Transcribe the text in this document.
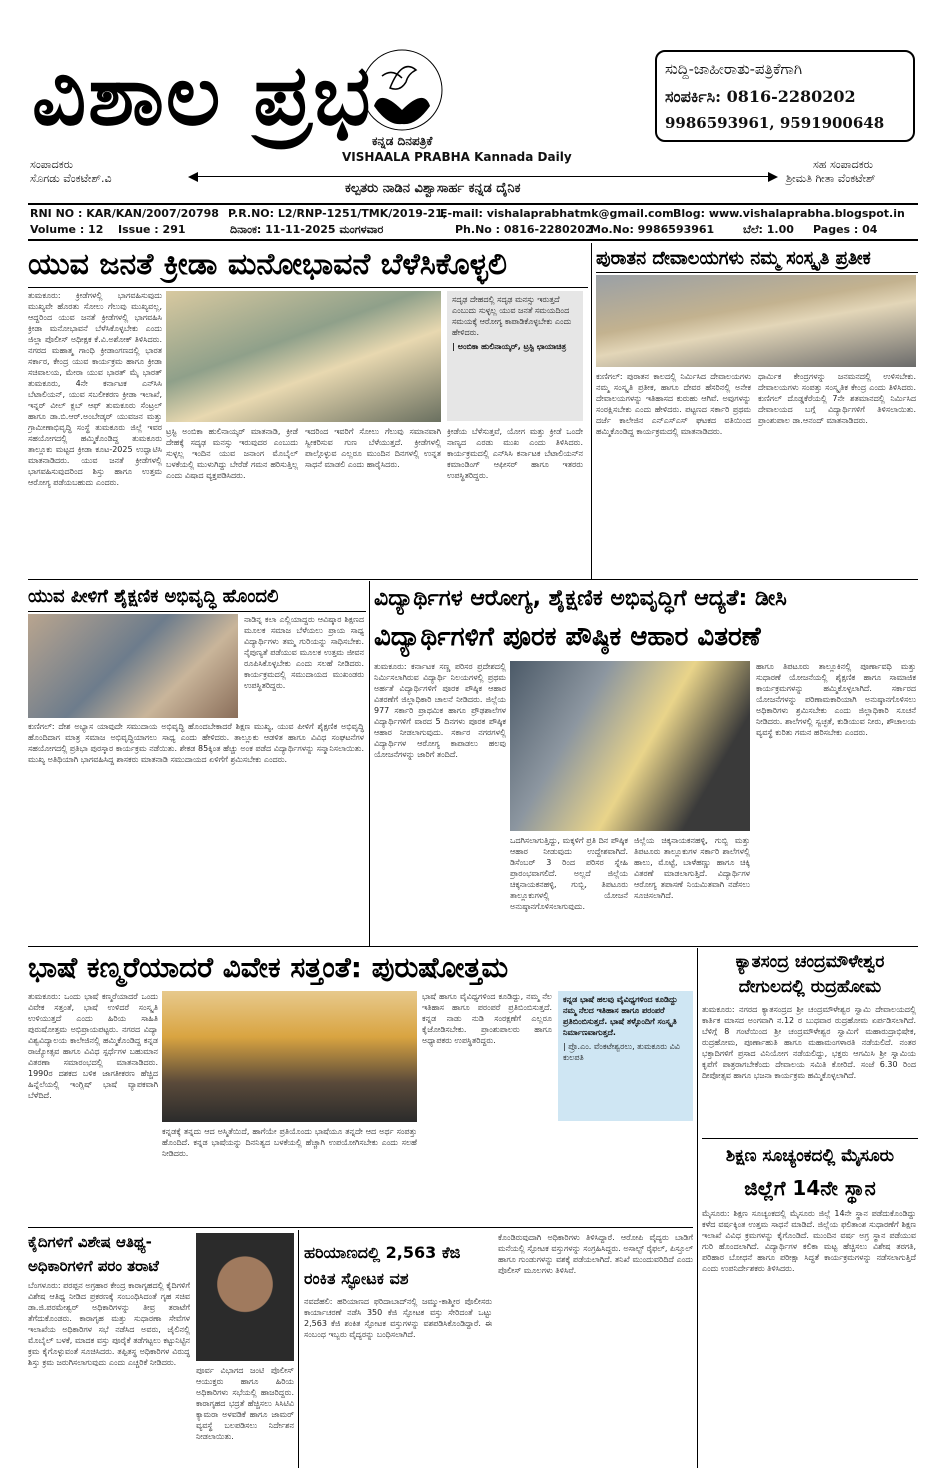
ವಿಶಾಲ ಪ್ರಭ ಕನ್ನಡ ದಿನಪತ್ರಿಕೆ
VISHAALA PRABHA Kannada Daily
ಸುದ್ದಿ-ಜಾಹೀರಾತು-ಪತ್ರಿಕೆಗಾಗಿ
ಸಂಪರ್ಕಿಸಿ: 0816-2280202
9986593961, 9591900648
ಸಂಪಾದಕರು
ಸೊಗಡು ವೆಂಕಟೇಶ್.ವಿ
ಸಹ ಸಂಪಾದಕರು
ಶ್ರೀಮತಿ ಗೀತಾ ವೆಂಕಟೇಶ್
ಕಲ್ಪತರು ನಾಡಿನ ವಿಶ್ವಾಸಾರ್ಹ ಕನ್ನಡ ದೈನಿಕ
RNI NO : KAR/KAN/2007/20798 P.R.NO: L2/RNP-1251/TMK/2019-21,
E-mail: vishalaprabhatmk@gmail.com Blog: www.vishalaprabha.blogspot.in
Volume : 12 Issue : 291	ದಿನಾಂಕ: 11-11-2025 ಮಂಗಳವಾರ	Ph.No : 0816-2280202
Mo.No: 9986593961	ಬೆಲೆ: 1.00 Pages : 04
ಯುವ ಜನತೆ ಕ್ರೀಡಾ ಮನೋಭಾವನೆ ಬೆಳೆಸಿಕೊಳ್ಳಲಿ
ತುಮಕೂರು: ಕ್ರೀಡೆಗಳಲ್ಲಿ ಭಾಗವಹಿಸುವುದು ಮುಖ್ಯವೇ ಹೊರತು ಸೋಲು ಗೆಲುವು ಮುಖ್ಯವಲ್ಲ, ಆದ್ದರಿಂದ ಯುವ ಜನತೆ ಕ್ರೀಡೆಗಳಲ್ಲಿ ಭಾಗವಹಿಸಿ ಕ್ರೀಡಾ ಮನೋಭಾವನೆ ಬೆಳೆಸಿಕೊಳ್ಳಬೇಕು ಎಂದು ಜಿಲ್ಲಾ ಪೊಲೀಸ್ ಅಧೀಕ್ಷಕ ಕೆ.ವಿ.ಅಶೋಕ್ ತಿಳಿಸಿದರು. ನಗರದ ಮಹಾತ್ಮ ಗಾಂಧಿ ಕ್ರೀಡಾಂಗಣದಲ್ಲಿ ಭಾರತ ಸರ್ಕಾರ, ಕೇಂದ್ರ ಯುವ ಕಾರ್ಯಕ್ರಮ ಹಾಗೂ ಕ್ರೀಡಾ ಸಚಿವಾಲಯ, ಮೇರಾ ಯುವ ಭಾರತ್ ಮೈ ಭಾರತ್ ತುಮಕೂರು, 4ನೇ ಕರ್ನಾಟಕ ಎನ್‍ಸಿಸಿ ಬೆಟಾಲಿಯನ್, ಯುವ ಸಬಲೀಕರಣ ಕ್ರೀಡಾ ಇಲಾಖೆ, ಇನ್ನರ್ ವೀಲ್ ಕ್ಲಬ್ ಆಫ್ ತುಮಕೂರು ಸೆಂಟ್ರಲ್ ಹಾಗೂ ಡಾ.ಬಿ.ಆರ್.ಅಂಬೇಡ್ಕರ್ ಯುವಜನ ಮತ್ತು ಗ್ರಾಮೀಣಾಭಿವೃದ್ಧಿ ಸಂಸ್ಥೆ ತುಮಕೂರು ಜಿಲ್ಲೆ ಇವರ ಸಹಯೋಗದಲ್ಲಿ ಹಮ್ಮಿಕೊಂಡಿದ್ದ ತುಮಕೂರು ತಾಲ್ಲೂಕು ಮಟ್ಟದ ಕ್ರೀಡಾ ಕೂಟ-2025 ಉದ್ಘಾಟಿಸಿ ಮಾತನಾಡಿದರು. ಯುವ ಜನತೆ ಕ್ರೀಡೆಗಳಲ್ಲಿ ಭಾಗವಹಿಸುವುದರಿಂದ ಶಿಸ್ತು ಹಾಗೂ ಉತ್ತಮ ಆರೋಗ್ಯ ಪಡೆಯಬಹುದು ಎಂದರು.
ಸದೃಢ ದೇಹದಲ್ಲಿ ಸದೃಢ ಮನಸ್ಸು ಇರುತ್ತದೆ ಎಂಬುದು ಸುಳ್ಳಲ್ಲ ಯುವ ಜನತೆ ಸಮಯದಿಂದ ಸಮಯಕ್ಕೆ ಆರೋಗ್ಯ ಕಾಪಾಡಿಕೊಳ್ಳಬೇಕು ಎಂದು ಹೇಳಿದರು.
| ಅಂಬಿಕಾ ಹುಲಿನಾಯ್ಕರ್, ಟ್ರಸ್ಟಿ ಛಾಯಾಚಿತ್ರ
ಟ್ರಸ್ಟಿ ಅಂಬಿಕಾ ಹುಲಿನಾಯ್ಕರ್ ಮಾತನಾಡಿ, ಕ್ರೀಡೆ ದೇಹಕ್ಕೆ ಸದೃಢ ಮನಸ್ಸು ಇರುವುದರ ಎಂಬುದು ಸುಳ್ಳಲ್ಲ ಇಂದಿನ ಯುವ ಜನಾಂಗ ಮೊಬೈಲ್ ಬಳಕೆಯಲ್ಲಿ ಮುಳುಗಿದ್ದು ಬೇರೆಡೆ ಗಮನ ಹರಿಸುತ್ತಿಲ್ಲ ಎಂದು ವಿಷಾದ ವ್ಯಕ್ತಪಡಿಸಿದರು.
ಇದರಿಂದ ಇವರಿಗೆ ಸೋಲು ಗೆಲುವು ಸಮಾನವಾಗಿ ಸ್ವೀಕರಿಸುವ ಗುಣ ಬೆಳೆಯುತ್ತದೆ. ಕ್ರೀಡೆಗಳಲ್ಲಿ ಪಾಲ್ಗೊಳ್ಳುವ ಎಲ್ಲರೂ ಮುಂದಿನ ದಿನಗಳಲ್ಲಿ ಉನ್ನತ ಸಾಧನೆ ಮಾಡಲಿ ಎಂದು ಹಾರೈಸಿದರು.
ಕ್ರೀಡೆಯ ಬೆಳೆಸುತ್ತವೆ, ಯೋಗ ಮತ್ತು ಕ್ರೀಡೆ ಒಂದೇ ನಾಣ್ಯದ ಎರಡು ಮುಖ ಎಂದು ತಿಳಿಸಿದರು. ಕಾರ್ಯಕ್ರಮದಲ್ಲಿ ಎನ್‍ಸಿಸಿ ಕರ್ನಾಟಕ ಬೆಟಾಲಿಯನ್‍ನ ಕಮಾಂಡಿಂಗ್ ಆಫೀಸರ್ ಹಾಗೂ ಇತರರು ಉಪಸ್ಥಿತರಿದ್ದರು.
ಪುರಾತನ ದೇವಾಲಯಗಳು ನಮ್ಮ ಸಂಸ್ಕೃತಿ ಪ್ರತೀಕ
ಕುಣಿಗಲ್: ಪುರಾತನ ಕಾಲದಲ್ಲಿ ನಿರ್ಮಿಸಿದ ದೇವಾಲಯಗಳು ನಮ್ಮ ಸಂಸ್ಕೃತಿ ಪ್ರತೀಕ, ಹಾಗೂ ದೇವರ ಹೆಸರಿನಲ್ಲಿ ಅನೇಕ ದೇವಾಲಯಗಳನ್ನು ಇತಿಹಾಸದ ಕುರುಹು ಆಗಿವೆ. ಅವುಗಳನ್ನು ಸಂರಕ್ಷಿಸಬೇಕು ಎಂದು ಹೇಳಿದರು. ಪಟ್ಟಣದ ಸರ್ಕಾರಿ ಪ್ರಥಮ ದರ್ಜೆ ಕಾಲೇಜಿನ ಎನ್‍ಎಸ್‍ಎಸ್ ಘಟಕದ ವತಿಯಿಂದ ಹಮ್ಮಿಕೊಂಡಿದ್ದ ಕಾರ್ಯಕ್ರಮದಲ್ಲಿ ಮಾತನಾಡಿದರು.
ಧಾರ್ಮಿಕ ಕೇಂದ್ರಗಳನ್ನು ಜನಮನದಲ್ಲಿ ಉಳಿಸಬೇಕು. ದೇವಾಲಯಗಳು ಸಂಪತ್ತು ಸಂಸ್ಕೃತಿಕ ಕೇಂದ್ರ ಎಂದು ತಿಳಿಸಿದರು. ಕುಣಿಗಲ್ ದೊಡ್ಡಕೆರೆಯಲ್ಲಿ 7ನೇ ಶತಮಾನದಲ್ಲಿ ನಿರ್ಮಿಸಿದ ದೇವಾಲಯದ ಬಗ್ಗೆ ವಿದ್ಯಾರ್ಥಿಗಳಿಗೆ ತಿಳಿಸಲಾಯಿತು. ಪ್ರಾಂಶುಪಾಲ ಡಾ.ಆನಂದ್ ಮಾತನಾಡಿದರು.
ಯುವ ಪೀಳಿಗೆ ಶೈಕ್ಷಣಿಕ ಅಭಿವೃದ್ಧಿ ಹೊಂದಲಿ
ನಾಡಿನ್ನ ಕಲಾ ಎಲ್ಲಿಯಾದ್ದರು ಆವಿಷ್ಕಾರ ಶಿಕ್ಷಣದ ಮೂಲಕ ಸಮಾಜ ಬೆಳೆಯಲು ಪ್ರಾಯ ಸಾಧ್ಯ ವಿದ್ಯಾರ್ಥಿಗಳು ತಮ್ಮ ಗುರಿಯನ್ನು ಸಾಧಿಸಬೇಕು. ನೈಪುಣ್ಯತೆ ಪಡೆಯುವ ಮೂಲಕ ಉತ್ತಮ ಜೀವನ ರೂಪಿಸಿಕೊಳ್ಳಬೇಕು ಎಂದು ಸಲಹೆ ನೀಡಿದರು. ಕಾರ್ಯಕ್ರಮದಲ್ಲಿ ಸಮುದಾಯದ ಮುಖಂಡರು ಉಪಸ್ಥಿತರಿದ್ದರು.
ಕುಣಿಗಲ್: ದೇಶ ಅಭ್ಯಾಸ ಯಾವುದೇ ಸಮುದಾಯ ಅಭಿವೃದ್ಧಿ ಹೊಂದಬೇಕಾದರೆ ಶಿಕ್ಷಣ ಮುಖ್ಯ, ಯುವ ಪೀಳಿಗೆ ಶೈಕ್ಷಣಿಕ ಅಭಿವೃದ್ಧಿ ಹೊಂದಿದಾಗ ಮಾತ್ರ ಸಮಾಜ ಅಭಿವೃದ್ಧಿಯಾಗಲು ಸಾಧ್ಯ ಎಂದು ಹೇಳಿದರು. ತಾಲ್ಲೂಕು ಆಡಳಿತ ಹಾಗೂ ವಿವಿಧ ಸಂಘಟನೆಗಳ ಸಹಯೋಗದಲ್ಲಿ ಪ್ರತಿಭಾ ಪುರಸ್ಕಾರ ಕಾರ್ಯಕ್ರಮ ನಡೆಯಿತು. ಶೇಕಡ 85ಕ್ಕಿಂತ ಹೆಚ್ಚು ಅಂಕ ಪಡೆದ ವಿದ್ಯಾರ್ಥಿಗಳನ್ನು ಸನ್ಮಾನಿಸಲಾಯಿತು. ಮುಖ್ಯ ಅತಿಥಿಯಾಗಿ ಭಾಗವಹಿಸಿದ್ದ ಶಾಸಕರು ಮಾತನಾಡಿ ಸಮುದಾಯದ ಏಳಿಗೆಗೆ ಶ್ರಮಿಸಬೇಕು ಎಂದರು.
ವಿದ್ಯಾರ್ಥಿಗಳ ಆರೋಗ್ಯ, ಶೈಕ್ಷಣಿಕ ಅಭಿವೃದ್ಧಿಗೆ ಆದ್ಯತೆ: ಡೀಸಿ
ವಿದ್ಯಾರ್ಥಿಗಳಿಗೆ ಪೂರಕ ಪೌಷ್ಠಿಕ ಆಹಾರ ವಿತರಣೆ
ತುಮಕೂರು: ಕರ್ನಾಟಕ ಸಣ್ಣ ಪರಿಸರ ಪ್ರದೇಶದಲ್ಲಿ ನಿರ್ಮಿಸಲಾಗಿರುವ ವಿದ್ಯಾರ್ಥಿ ನಿಲಯಗಳಲ್ಲಿ ಪ್ರಥಮ ಅರ್ಹತೆ ವಿದ್ಯಾರ್ಥಿಗಳಿಗೆ ಪೂರಕ ಪೌಷ್ಠಿಕ ಆಹಾರ ವಿತರಣೆಗೆ ಜಿಲ್ಲಾಧಿಕಾರಿ ಚಾಲನೆ ನೀಡಿದರು. ಜಿಲ್ಲೆಯ 977 ಸರ್ಕಾರಿ ಪ್ರಾಥಮಿಕ ಹಾಗೂ ಪ್ರೌಢಶಾಲೆಗಳ ವಿದ್ಯಾರ್ಥಿಗಳಿಗೆ ವಾರದ 5 ದಿನಗಳು ಪೂರಕ ಪೌಷ್ಠಿಕ ಆಹಾರ ನೀಡಲಾಗುವುದು. ಸರ್ಕಾರ ನಗರಗಳಲ್ಲಿ ವಿದ್ಯಾರ್ಥಿಗಳ ಆರೋಗ್ಯ ಕಾಪಾಡಲು ಹಲವು ಯೋಜನೆಗಳನ್ನು ಜಾರಿಗೆ ತಂದಿದೆ.
ಒದಗಿಸಲಾಗುತ್ತಿದ್ದು, ಮಕ್ಕಳಿಗೆ ಪ್ರತಿ ದಿನ ಪೌಷ್ಠಿಕ ಆಹಾರ ನೀಡುವುದು ಉದ್ದೇಶವಾಗಿದೆ. ಡಿಸೆಂಬರ್ 3 ರಿಂದ ಪರಿಸರ ಸ್ನೇಹಿ ಪ್ರಾರಂಭವಾಗಲಿದೆ. ಅಲ್ಲದೆ ಜಿಲ್ಲೆಯ ಚಿಕ್ಕನಾಯಕನಹಳ್ಳಿ, ಗುಬ್ಬಿ, ತಿಪಟೂರು ತಾಲ್ಲೂಕುಗಳಲ್ಲಿ ಯೋಜನೆ ಅನುಷ್ಠಾನಗೊಳಿಸಲಾಗುವುದು.
ಜಿಲ್ಲೆಯ ಚಿಕ್ಕನಾಯಕನಹಳ್ಳಿ, ಗುಬ್ಬಿ ಮತ್ತು ತಿಪಟೂರು ತಾಲ್ಲೂಕುಗಳ ಸರ್ಕಾರಿ ಶಾಲೆಗಳಲ್ಲಿ ಹಾಲು, ಮೊಟ್ಟೆ, ಬಾಳೆಹಣ್ಣು ಹಾಗೂ ಚಿಕ್ಕಿ ವಿತರಣೆ ಮಾಡಲಾಗುತ್ತಿದೆ. ವಿದ್ಯಾರ್ಥಿಗಳ ಆರೋಗ್ಯ ತಪಾಸಣೆ ನಿಯಮಿತವಾಗಿ ನಡೆಸಲು ಸೂಚಿಸಲಾಗಿದೆ.
ಹಾಗೂ ತಿಪಟೂರು ತಾಲ್ಲೂಕಿನಲ್ಲಿ ಪೂರ್ಣಾವಧಿ ಮತ್ತು ಸುಧಾರಣೆ ಯೋಜನೆಯಲ್ಲಿ ಶೈಕ್ಷಣಿಕ ಹಾಗೂ ಸಾಮಾಜಿಕ ಕಾರ್ಯಕ್ರಮಗಳನ್ನು ಹಮ್ಮಿಕೊಳ್ಳಲಾಗಿದೆ. ಸರ್ಕಾರದ ಯೋಜನೆಗಳನ್ನು ಪರಿಣಾಮಕಾರಿಯಾಗಿ ಅನುಷ್ಠಾನಗೊಳಿಸಲು ಅಧಿಕಾರಿಗಳು ಶ್ರಮಿಸಬೇಕು ಎಂದು ಜಿಲ್ಲಾಧಿಕಾರಿ ಸೂಚನೆ ನೀಡಿದರು. ಶಾಲೆಗಳಲ್ಲಿ ಸ್ವಚ್ಛತೆ, ಕುಡಿಯುವ ನೀರು, ಶೌಚಾಲಯ ವ್ಯವಸ್ಥೆ ಕುರಿತು ಗಮನ ಹರಿಸಬೇಕು ಎಂದರು.
ಭಾಷೆ ಕಣ್ಮರೆಯಾದರೆ ವಿವೇಕ ಸತ್ತಂತೆ: ಪುರುಷೋತ್ತಮ
ತುಮಕೂರು: ಒಂದು ಭಾಷೆ ಕಣ್ಮರೆಯಾದರೆ ಒಂದು ವಿವೇಕ ಸತ್ತಂತೆ, ಭಾಷೆ ಉಳಿದರೆ ಸಂಸ್ಕೃತಿ ಉಳಿಯುತ್ತದೆ ಎಂದು ಹಿರಿಯ ಸಾಹಿತಿ ಪುರುಷೋತ್ತಮ ಅಭಿಪ್ರಾಯಪಟ್ಟರು. ನಗರದ ವಿದ್ಯಾ ವಿಶ್ವವಿದ್ಯಾಲಯ ಕಾಲೇಜಿನಲ್ಲಿ ಹಮ್ಮಿಕೊಂಡಿದ್ದ ಕನ್ನಡ ರಾಜ್ಯೋತ್ಸವ ಹಾಗೂ ವಿವಿಧ ಸ್ಪರ್ಧೆಗಳ ಬಹುಮಾನ ವಿತರಣಾ ಸಮಾರಂಭದಲ್ಲಿ ಮಾತನಾಡಿದರು. 1990ರ ದಶಕದ ಬಳಿಕ ಜಾಗತೀಕರಣ ಹೆಚ್ಚಿದ ಹಿನ್ನೆಲೆಯಲ್ಲಿ ಇಂಗ್ಲಿಷ್ ಭಾಷೆ ವ್ಯಾಪಕವಾಗಿ ಬೆಳೆದಿದೆ.
ಭಾಷೆ ಹಾಗೂ ವೈವಿಧ್ಯಗಳಿಂದ ಕೂಡಿದ್ದು, ನಮ್ಮ ನೆಲ ಇತಿಹಾಸ ಹಾಗೂ ಪರಂಪರೆ ಪ್ರತಿಬಿಂಬಿಸುತ್ತದೆ. ಕನ್ನಡ ನಾಡು ನುಡಿ ಸಂರಕ್ಷಣೆಗೆ ಎಲ್ಲರೂ ಕೈಜೋಡಿಸಬೇಕು. ಪ್ರಾಂಶುಪಾಲರು ಹಾಗೂ ಅಧ್ಯಾಪಕರು ಉಪಸ್ಥಿತರಿದ್ದರು.
ಕನ್ನಡ ಭಾಷೆ ಹಲವು ವೈವಿಧ್ಯಗಳಿಂದ ಕೂಡಿದ್ದು ನಮ್ಮ ನೆಲದ ಇತಿಹಾಸ ಹಾಗೂ ಪರಂಪರೆ ಪ್ರತಿಬಿಂಬಿಸುತ್ತದೆ. ಭಾಷೆ ತಳ್ಳೊಂದಿಗೆ ಸಂಸ್ಕೃತಿ ನಿರ್ಮಾಣವಾಗುತ್ತದೆ.
| ಪ್ರೊ.ಎಂ. ವೆಂಕಟೇಶ್ವರಲು, ತುಮಕೂರು ವಿವಿ ಕುಲಪತಿ
ಕನ್ನಡಕ್ಕೆ ತನ್ನದು ಆದ ಅಸ್ಮಿತೆಯಿದೆ, ಹಾಗೆಯೇ ಪ್ರತಿಯೊಂದು ಭಾಷೆಯೂ ತನ್ನದೇ ಆದ ಅರ್ಥ ಸಂಪತ್ತು ಹೊಂದಿದೆ. ಕನ್ನಡ ಭಾಷೆಯನ್ನು ದಿನನಿತ್ಯದ ಬಳಕೆಯಲ್ಲಿ ಹೆಚ್ಚಾಗಿ ಉಪಯೋಗಿಸಬೇಕು ಎಂದು ಸಲಹೆ ನೀಡಿದರು.
ಕ್ಯಾತಸಂದ್ರ ಚಂದ್ರಮೌಳೇಶ್ವರ
ದೇಗುಲದಲ್ಲಿ ರುದ್ರಹೋಮ
ತುಮಕೂರು: ನಗರದ ಕ್ಯಾತಸಂದ್ರದ ಶ್ರೀ ಚಂದ್ರಮೌಳೇಶ್ವರ ಸ್ವಾಮಿ ದೇವಾಲಯದಲ್ಲಿ ಕಾರ್ತಿಕ ಮಾಸದ ಅಂಗವಾಗಿ ನ.12 ರ ಬುಧವಾರ ರುದ್ರಹೋಮ ಏರ್ಪಡಿಸಲಾಗಿದೆ. ಬೆಳಿಗ್ಗೆ 8 ಗಂಟೆಯಿಂದ ಶ್ರೀ ಚಂದ್ರಮೌಳೇಶ್ವರ ಸ್ವಾಮಿಗೆ ಮಹಾರುದ್ರಾಭಿಷೇಕ, ರುದ್ರಹೋಮ, ಪೂರ್ಣಾಹುತಿ ಹಾಗೂ ಮಹಾಮಂಗಳಾರತಿ ನಡೆಯಲಿದೆ. ನಂತರ ಭಕ್ತಾದಿಗಳಿಗೆ ಪ್ರಸಾದ ವಿನಿಯೋಗ ನಡೆಯಲಿದ್ದು, ಭಕ್ತರು ಆಗಮಿಸಿ ಶ್ರೀ ಸ್ವಾಮಿಯ ಕೃಪೆಗೆ ಪಾತ್ರರಾಗಬೇಕೆಂದು ದೇವಾಲಯ ಸಮಿತಿ ಕೋರಿದೆ. ಸಂಜೆ 6.30 ರಿಂದ ದೀಪೋತ್ಸವ ಹಾಗೂ ಭಜನಾ ಕಾರ್ಯಕ್ರಮ ಹಮ್ಮಿಕೊಳ್ಳಲಾಗಿದೆ.
ಶಿಕ್ಷಣ ಸೂಚ್ಯಂಕದಲ್ಲಿ ಮೈಸೂರು
ಜಿಲ್ಲೆಗೆ 14ನೇ ಸ್ಥಾನ
ಮೈಸೂರು: ಶಿಕ್ಷಣ ಸೂಚ್ಯಂಕದಲ್ಲಿ ಮೈಸೂರು ಜಿಲ್ಲೆ 14ನೇ ಸ್ಥಾನ ಪಡೆದುಕೊಂಡಿದ್ದು ಕಳೆದ ವರ್ಷಕ್ಕಿಂತ ಉತ್ತಮ ಸಾಧನೆ ಮಾಡಿದೆ. ಜಿಲ್ಲೆಯ ಫಲಿತಾಂಶ ಸುಧಾರಣೆಗೆ ಶಿಕ್ಷಣ ಇಲಾಖೆ ವಿವಿಧ ಕ್ರಮಗಳನ್ನು ಕೈಗೊಂಡಿದೆ. ಮುಂದಿನ ವರ್ಷ ಅಗ್ರ ಸ್ಥಾನ ಪಡೆಯುವ ಗುರಿ ಹೊಂದಲಾಗಿದೆ. ವಿದ್ಯಾರ್ಥಿಗಳ ಕಲಿಕಾ ಮಟ್ಟ ಹೆಚ್ಚಿಸಲು ವಿಶೇಷ ತರಗತಿ, ಪರಿಹಾರ ಬೋಧನೆ ಹಾಗೂ ಪರೀಕ್ಷಾ ಸಿದ್ಧತೆ ಕಾರ್ಯಕ್ರಮಗಳನ್ನು ನಡೆಸಲಾಗುತ್ತಿದೆ ಎಂದು ಉಪನಿರ್ದೇಶಕರು ತಿಳಿಸಿದರು.
ಕೈದಿಗಳಿಗೆ ವಿಶೇಷ ಆತಿಥ್ಯ-
ಅಧಿಕಾರಿಗಳಿಗೆ ಪರಂ ತರಾಟೆ
ಬೆಂಗಳೂರು: ಪರಪ್ಪನ ಅಗ್ರಹಾರ ಕೇಂದ್ರ ಕಾರಾಗೃಹದಲ್ಲಿ ಕೈದಿಗಳಿಗೆ ವಿಶೇಷ ಆತಿಥ್ಯ ನೀಡಿದ ಪ್ರಕರಣಕ್ಕೆ ಸಂಬಂಧಿಸಿದಂತೆ ಗೃಹ ಸಚಿವ ಡಾ.ಜಿ.ಪರಮೇಶ್ವರ್ ಅಧಿಕಾರಿಗಳನ್ನು ತೀವ್ರ ತರಾಟೆಗೆ ತೆಗೆದುಕೊಂಡರು. ಕಾರಾಗೃಹ ಮತ್ತು ಸುಧಾರಣಾ ಸೇವೆಗಳ ಇಲಾಖೆಯ ಅಧಿಕಾರಿಗಳ ಸಭೆ ನಡೆಸಿದ ಅವರು, ಜೈಲಿನಲ್ಲಿ ಮೊಬೈಲ್ ಬಳಕೆ, ಮಾದಕ ವಸ್ತು ಪೂರೈಕೆ ತಡೆಗಟ್ಟಲು ಕಟ್ಟುನಿಟ್ಟಿನ ಕ್ರಮ ಕೈಗೊಳ್ಳುವಂತೆ ಸೂಚಿಸಿದರು. ತಪ್ಪಿತಸ್ಥ ಅಧಿಕಾರಿಗಳ ವಿರುದ್ಧ ಶಿಸ್ತು ಕ್ರಮ ಜರುಗಿಸಲಾಗುವುದು ಎಂದು ಎಚ್ಚರಿಕೆ ನೀಡಿದರು.
ಪೂರ್ವ ವಿಭಾಗದ ಜಂಟಿ ಪೊಲೀಸ್ ಆಯುಕ್ತರು ಹಾಗೂ ಹಿರಿಯ ಅಧಿಕಾರಿಗಳು ಸಭೆಯಲ್ಲಿ ಹಾಜರಿದ್ದರು. ಕಾರಾಗೃಹದ ಭದ್ರತೆ ಹೆಚ್ಚಿಸಲು ಸಿಸಿಟಿವಿ ಕ್ಯಾಮರಾ ಅಳವಡಿಕೆ ಹಾಗೂ ಜಾಮರ್ ವ್ಯವಸ್ಥೆ ಬಲಪಡಿಸಲು ನಿರ್ದೇಶನ ನೀಡಲಾಯಿತು.
ಹರಿಯಾಣದಲ್ಲಿ 2,563 ಕೆಜಿ
ರಂಕಿತ ಸ್ಫೋಟಕ ವಶ
ನವದೆಹಲಿ: ಹರಿಯಾಣದ ಫರಿದಾಬಾದ್‍ನಲ್ಲಿ ಜಮ್ಮು-ಕಾಶ್ಮೀರ ಪೊಲೀಸರು ಕಾರ್ಯಾಚರಣೆ ನಡೆಸಿ 350 ಕೆಜಿ ಸ್ಫೋಟಕ ವಸ್ತು ಸೇರಿದಂತೆ ಒಟ್ಟು 2,563 ಕೆಜಿ ಶಂಕಿತ ಸ್ಫೋಟಕ ವಸ್ತುಗಳನ್ನು ವಶಪಡಿಸಿಕೊಂಡಿದ್ದಾರೆ. ಈ ಸಂಬಂಧ ಇಬ್ಬರು ವೈದ್ಯರನ್ನು ಬಂಧಿಸಲಾಗಿದೆ.
ಕೊಂಡಿರುವುದಾಗಿ ಅಧಿಕಾರಿಗಳು ತಿಳಿಸಿದ್ದಾರೆ. ಆರೋಪಿ ವೈದ್ಯರು ಬಾಡಿಗೆ ಮನೆಯಲ್ಲಿ ಸ್ಫೋಟಕ ವಸ್ತುಗಳನ್ನು ಸಂಗ್ರಹಿಸಿದ್ದರು. ಅಸಾಲ್ಟ್ ರೈಫಲ್, ಪಿಸ್ತೂಲ್ ಹಾಗೂ ಗುಂಡುಗಳನ್ನು ವಶಕ್ಕೆ ಪಡೆಯಲಾಗಿದೆ. ತನಿಖೆ ಮುಂದುವರಿದಿದೆ ಎಂದು ಪೊಲೀಸ್ ಮೂಲಗಳು ತಿಳಿಸಿವೆ.
